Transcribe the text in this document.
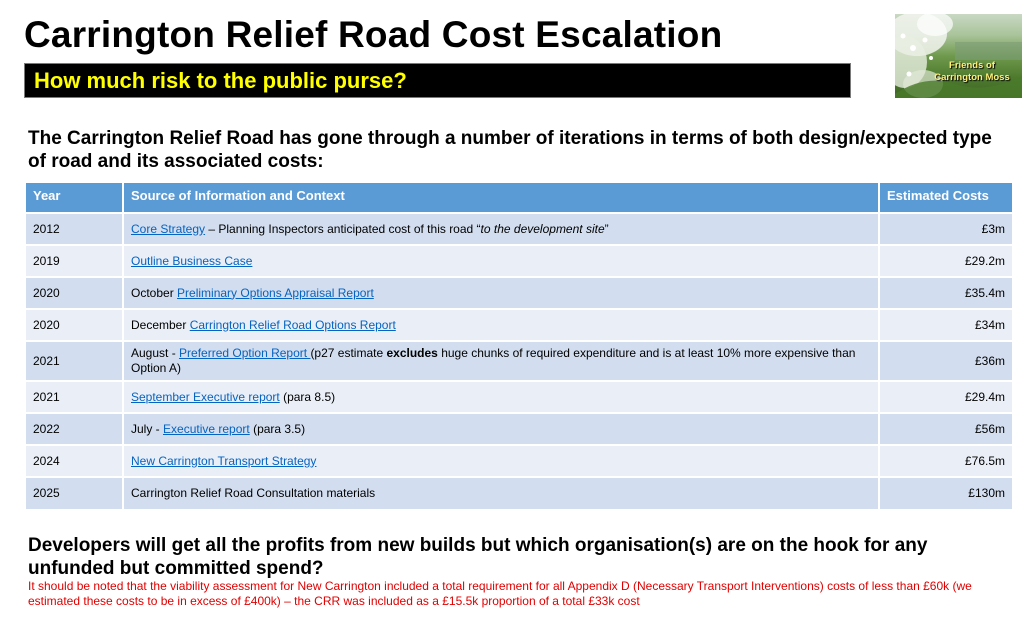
Carrington Relief Road Cost Escalation
How much risk to the public purse?
Friends of
Carrington Moss
The Carrington Relief Road has gone through a number of iterations in terms of both design/expected type of road and its associated costs:
Year	Source of Information and Context	Estimated Costs
2012	Core Strategy – Planning Inspectors anticipated cost of this road “to the development site”	£3m
2019	Outline Business Case	£29.2m
2020	October Preliminary Options Appraisal Report	£35.4m
2020	December Carrington Relief Road Options Report	£34m
2021	August - Preferred Option Report (p27 estimate excludes huge chunks of required expenditure and is at least 10% more expensive than Option A)	£36m
2021	September Executive report (para 8.5)	£29.4m
2022	July - Executive report (para 3.5)	£56m
2024	New Carrington Transport Strategy	£76.5m
2025	Carrington Relief Road Consultation materials	£130m
Developers will get all the profits from new builds but which organisation(s) are on the hook for any unfunded but committed spend?
It should be noted that the viability assessment for New Carrington included a total requirement for all Appendix D (Necessary Transport Interventions) costs of less than £60k (we estimated these costs to be in excess of £400k) – the CRR was included as a £15.5k proportion of a total £33k cost
